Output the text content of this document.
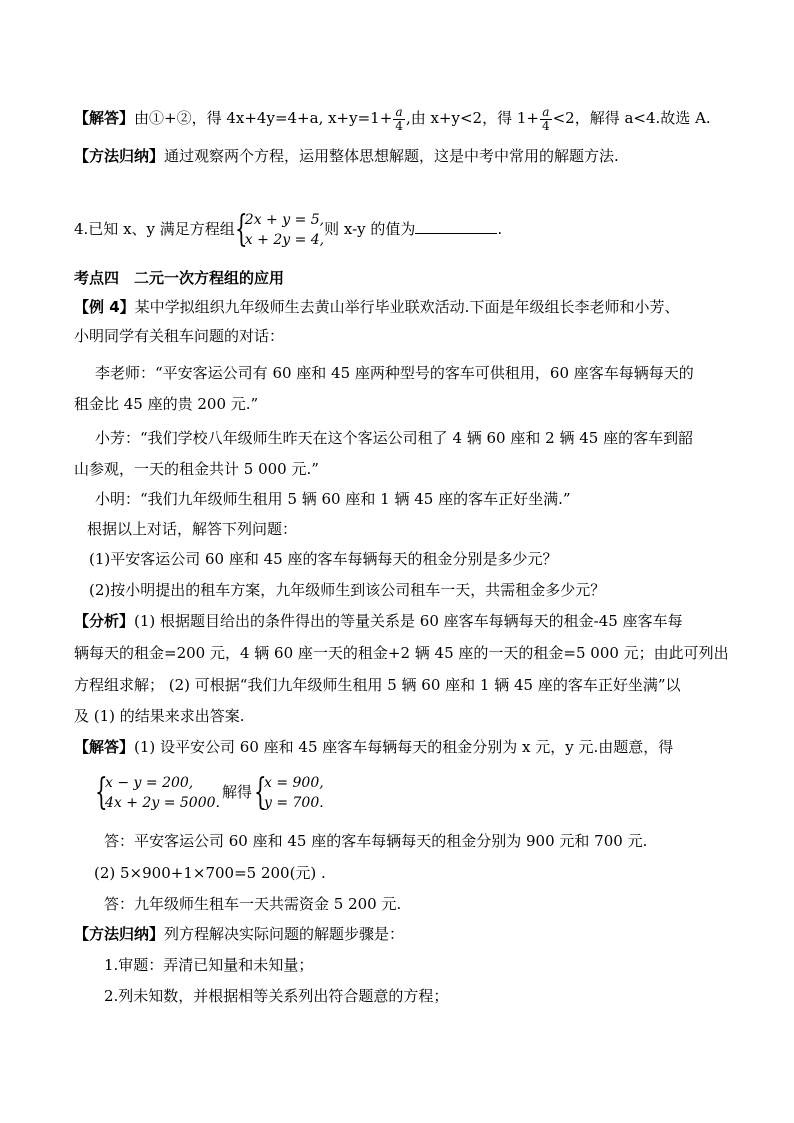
【解答】由①+②，得 4x+4y=4+a, $x+y=1+ \frac{a}{4}$ ,由 x+y<2，得 $1+ \frac{a}{4} <2$，解得 a<4.故选 A.
【方法归纳】通过观察两个方程，运用整体思想解题，这是中考中常用的解题方法.
4.已知 x、y 满足方程组 {
2x + y = 5,
x + 2y = 4,
则 x-y 的值为	.
考点四　二元一次方程组的应用
【例 4】某中学拟组织九年级师生去黄山举行毕业联欢活动.下面是年级组长李老师和小芳、
小明同学有关租车问题的对话：
李老师：“平安客运公司有 60 座和 45 座两种型号的客车可供租用，60 座客车每辆每天的
租金比 45 座的贵 200 元.”
小芳：“我们学校八年级师生昨天在这个客运公司租了 4 辆 60 座和 2 辆 45 座的客车到韶
山参观，一天的租金共计 5 000 元.”
小明：“我们九年级师生租用 5 辆 60 座和 1 辆 45 座的客车正好坐满.”
根据以上对话，解答下列问题：
(1)平安客运公司 60 座和 45 座的客车每辆每天的租金分别是多少元？
(2)按小明提出的租车方案，九年级师生到该公司租车一天，共需租金多少元？
【分析】(1) 根据题目给出的条件得出的等量关系是 60 座客车每辆每天的租金-45 座客车每
辆每天的租金=200 元，4 辆 60 座一天的租金+2 辆 45 座的一天的租金=5 000 元；由此可列出
方程组求解； (2) 可根据“我们九年级师生租用 5 辆 60 座和 1 辆 45 座的客车正好坐满”以
及 (1) 的结果来求出答案.
【解答】(1) 设平安公司 60 座和 45 座客车每辆每天的租金分别为 x 元，y 元.由题意，得
{
x − y = 200,
4x + 2y = 5000.
解得 {
x = 900,
y = 700.
答：平安客运公司 60 座和 45 座的客车每辆每天的租金分别为 900 元和 700 元.
(2) 5×900+1×700=5 200(元) .
答：九年级师生租车一天共需资金 5 200 元.
【方法归纳】列方程解决实际问题的解题步骤是：
1.审题：弄清已知量和未知量；
2.列未知数，并根据相等关系列出符合题意的方程；
